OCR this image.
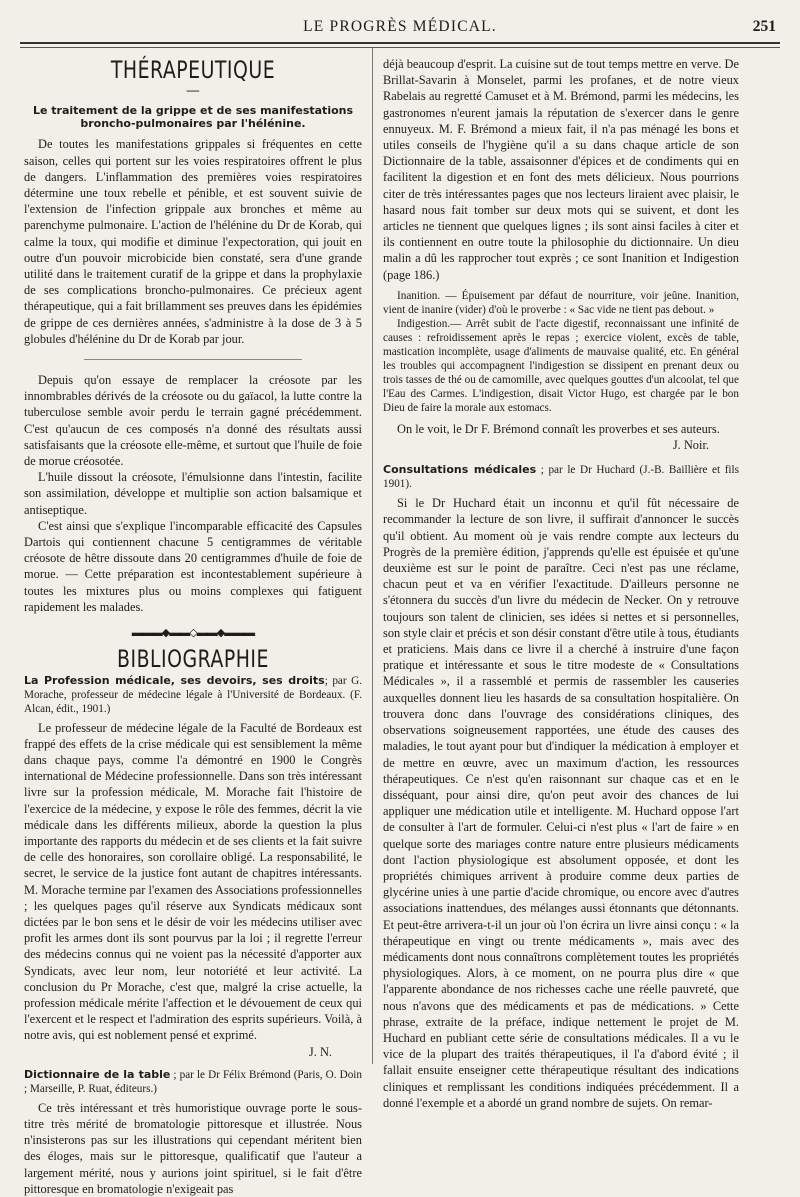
LE PROGRÈS MÉDICAL.	251
THÉRAPEUTIQUE
—
Le traitement de la grippe et de ses manifestations broncho-pulmonaires par l'hélénine.

De toutes les manifestations grippales si fréquentes en cette saison, celles qui portent sur les voies respiratoires offrent le plus de dangers. L'inflammation des premières voies respiratoires détermine une toux rebelle et pénible, et est souvent suivie de l'extension de l'infection grippale aux bronches et même au parenchyme pulmonaire. L'action de l'hélénine du Dr de Korab, qui calme la toux, qui modifie et diminue l'expectoration, qui jouit en outre d'un pouvoir microbicide bien constaté, sera d'une grande utilité dans le traitement curatif de la grippe et dans la prophylaxie de ses complications broncho-pulmonaires. Ce précieux agent thérapeutique, qui a fait brillamment ses preuves dans les épidémies de grippe de ces dernières années, s'administre à la dose de 3 à 5 globules d'hélénine du Dr de Korab par jour.

Depuis qu'on essaye de remplacer la créosote par les innombrables dérivés de la créosote ou du gaïacol, la lutte contre la tuberculose semble avoir perdu le terrain gagné précédemment. C'est qu'aucun de ces composés n'a donné des résultats aussi satisfaisants que la créosote elle-même, et surtout que l'huile de foie de morue créosotée.

L'huile dissout la créosote, l'émulsionne dans l'intestin, facilite son assimilation, développe et multiplie son action balsamique et antiseptique.

C'est ainsi que s'explique l'incomparable efficacité des Capsules Dartois qui contiennent chacune 5 centigrammes de véritable créosote de hêtre dissoute dans 20 centigrammes d'huile de foie de morue. — Cette préparation est incontestablement supérieure à toutes les mixtures plus ou moins complexes qui fatiguent rapidement les malades.

▬▬▬◆▬▬◇▬▬◆▬▬▬
BIBLIOGRAPHIE

La Profession médicale, ses devoirs, ses droits; par G. Morache, professeur de médecine légale à l'Université de Bordeaux. (F. Alcan, édit., 1901.)

Le professeur de médecine légale de la Faculté de Bordeaux est frappé des effets de la crise médicale qui est sensiblement la même dans chaque pays, comme l'a démontré en 1900 le Congrès international de Médecine professionnelle. Dans son très intéressant livre sur la profession médicale, M. Morache fait l'histoire de l'exercice de la médecine, y expose le rôle des femmes, décrit la vie médicale dans les différents milieux, aborde la question la plus importante des rapports du médecin et de ses clients et la fait suivre de celle des honoraires, son corollaire obligé. La responsabilité, le secret, le service de la justice font autant de chapitres intéressants. M. Morache termine par l'examen des Associations professionnelles ; les quelques pages qu'il réserve aux Syndicats médicaux sont dictées par le bon sens et le désir de voir les médecins utiliser avec profit les armes dont ils sont pourvus par la loi ; il regrette l'erreur des médecins connus qui ne voient pas la nécessité d'apporter aux Syndicats, avec leur nom, leur notoriété et leur activité. La conclusion du Pr Morache, c'est que, malgré la crise actuelle, la profession médicale mérite l'affection et le dévouement de ceux qui l'exercent et le respect et l'admiration des esprits supérieurs. Voilà, à notre avis, qui est noblement pensé et exprimé.

J. N.

Dictionnaire de la table ; par le Dr Félix Brémond (Paris, O. Doin ; Marseille, P. Ruat, éditeurs.)

Ce très intéressant et très humoristique ouvrage porte le sous-titre très mérité de bromatologie pittoresque et illustrée. Nous n'insisterons pas sur les illustrations qui cependant méritent bien des éloges, mais sur le pittoresque, qualificatif que l'auteur a largement mérité, nous y aurions joint spirituel, si le fait d'être pittoresque en bromatologie n'exigeait pas

déjà beaucoup d'esprit. La cuisine sut de tout temps mettre en verve. De Brillat-Savarin à Monselet, parmi les profanes, et de notre vieux Rabelais au regretté Camuset et à M. Brémond, parmi les médecins, les gastronomes n'eurent jamais la réputation de s'exercer dans le genre ennuyeux. M. F. Brémond a mieux fait, il n'a pas ménagé les bons et utiles conseils de l'hygiène qu'il a su dans chaque article de son Dictionnaire de la table, assaisonner d'épices et de condiments qui en facilitent la digestion et en font des mets délicieux. Nous pourrions citer de très intéressantes pages que nos lecteurs liraient avec plaisir, le hasard nous fait tomber sur deux mots qui se suivent, et dont les articles ne tiennent que quelques lignes ; ils sont ainsi faciles à citer et ils contiennent en outre toute la philosophie du dictionnaire. Un dieu malin a dû les rapprocher tout exprès ; ce sont Inanition et Indigestion (page 186.)

Inanition. — Épuisement par défaut de nourriture, voir jeûne. Inanition, vient de inanire (vider) d'où le proverbe : « Sac vide ne tient pas debout. »

Indigestion.— Arrêt subit de l'acte digestif, reconnaissant une infinité de causes : refroidissement après le repas ; exercice violent, excès de table, mastication incomplète, usage d'aliments de mauvaise qualité, etc. En général les troubles qui accompagnent l'indigestion se dissipent en prenant deux ou trois tasses de thé ou de camomille, avec quelques gouttes d'un alcoolat, tel que l'Eau des Carmes. L'indigestion, disait Victor Hugo, est chargée par le bon Dieu de faire la morale aux estomacs.

On le voit, le Dr F. Brémond connaît les proverbes et ses auteurs.

J. Noir.

Consultations médicales ; par le Dr Huchard (J.-B. Baillière et fils 1901).

Si le Dr Huchard était un inconnu et qu'il fût nécessaire de recommander la lecture de son livre, il suffirait d'annoncer le succès qu'il obtient. Au moment où je vais rendre compte aux lecteurs du Progrès de la première édition, j'apprends qu'elle est épuisée et qu'une deuxième est sur le point de paraître. Ceci n'est pas une réclame, chacun peut et va en vérifier l'exactitude. D'ailleurs personne ne s'étonnera du succès d'un livre du médecin de Necker. On y retrouve toujours son talent de clinicien, ses idées si nettes et si personnelles, son style clair et précis et son désir constant d'être utile à tous, étudiants et praticiens. Mais dans ce livre il a cherché à instruire d'une façon pratique et intéressante et sous le titre modeste de « Consultations Médicales », il a rassemblé et permis de rassembler les causeries auxquelles donnent lieu les hasards de sa consultation hospitalière. On trouvera donc dans l'ouvrage des considérations cliniques, des observations soigneusement rapportées, une étude des causes des maladies, le tout ayant pour but d'indiquer la médication à employer et de mettre en œuvre, avec un maximum d'action, les ressources thérapeutiques. Ce n'est qu'en raisonnant sur chaque cas et en le disséquant, pour ainsi dire, qu'on peut avoir des chances de lui appliquer une médication utile et intelligente. M. Huchard oppose l'art de consulter à l'art de formuler. Celui-ci n'est plus « l'art de faire » en quelque sorte des mariages contre nature entre plusieurs médicaments dont l'action physiologique est absolument opposée, et dont les propriétés chimiques arrivent à produire comme deux parties de glycérine unies à une partie d'acide chromique, ou encore avec d'autres associations inattendues, des mélanges aussi étonnants que détonnants. Et peut-être arrivera-t-il un jour où l'on écrira un livre ainsi conçu : « la thérapeutique en vingt ou trente médicaments », mais avec des médicaments dont nous connaîtrons complètement toutes les propriétés physiologiques. Alors, à ce moment, on ne pourra plus dire « que l'apparente abondance de nos richesses cache une réelle pauvreté, que nous n'avons que des médicaments et pas de médications. » Cette phrase, extraite de la préface, indique nettement le projet de M. Huchard en publiant cette série de consultations médicales. Il a vu le vice de la plupart des traités thérapeutiques, il l'a d'abord évité ; il fallait ensuite enseigner cette thérapeutique résultant des indications cliniques et remplissant les conditions indiquées précédemment. Il a donné l'exemple et a abordé un grand nombre de sujets. On remar-
